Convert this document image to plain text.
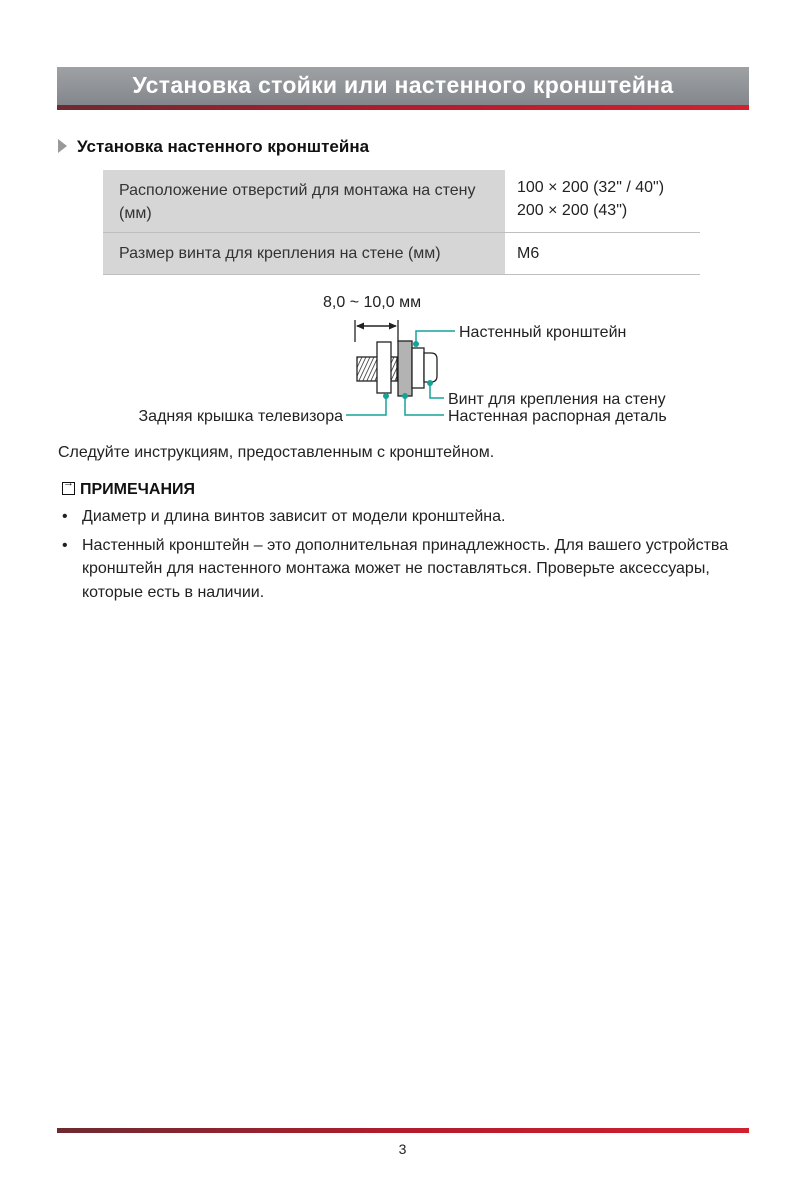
Установка стойки или настенного кронштейна
Установка настенного кронштейна
Расположение отверстий для монтажа на стену (мм)	100 × 200 (32" / 40")
200 × 200 (43")

Размер винта для крепления на стене (мм)	M6
8,0 ~ 10,0 мм
Настенный кронштейн
Винт для крепления на стену
Задняя крышка телевизора	Настенная распорная деталь
Следуйте инструкциям, предоставленным с кронштейном.
→ПРИМЕЧАНИЯ
• Диаметр и длина винтов зависит от модели кронштейна.
• Настенный кронштейн – это дополнительная принадлежность. Для вашего устройства кронштейн для настенного монтажа может не поставляться. Проверьте аксессуары, которые есть в наличии.
3
